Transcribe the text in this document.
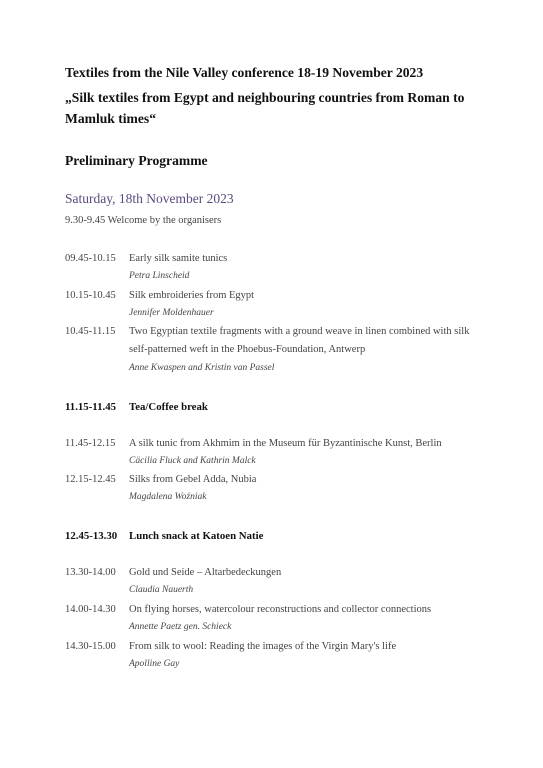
Textiles from the Nile Valley conference 18-19 November 2023
„Silk textiles from Egypt and neighbouring countries from Roman to
Mamluk times“
Preliminary Programme
Saturday, 18th November 2023
9.30-9.45 Welcome by the organisers
09.45-10.15 Early silk samite tunics
Petra Linscheid
10.15-10.45 Silk embroideries from Egypt
Jennifer Moldenhauer
10.45-11.15 Two Egyptian textile fragments with a ground weave in linen combined with silk
self-patterned weft in the Phoebus-Foundation, Antwerp
Anne Kwaspen and Kristin van Passel
11.15-11.45 Tea/Coffee break
11.45-12.15 A silk tunic from Akhmim in the Museum für Byzantinische Kunst, Berlin
Cäcilia Fluck and Kathrin Malck
12.15-12.45 Silks from Gebel Adda, Nubia
Magdalena Woźniak
12.45-13.30 Lunch snack at Katoen Natie
13.30-14.00 Gold und Seide – Altarbedeckungen
Claudia Nauerth
14.00-14.30 On flying horses, watercolour reconstructions and collector connections
Annette Paetz gen. Schieck
14.30-15.00 From silk to wool: Reading the images of the Virgin Mary's life
Apolline Gay
